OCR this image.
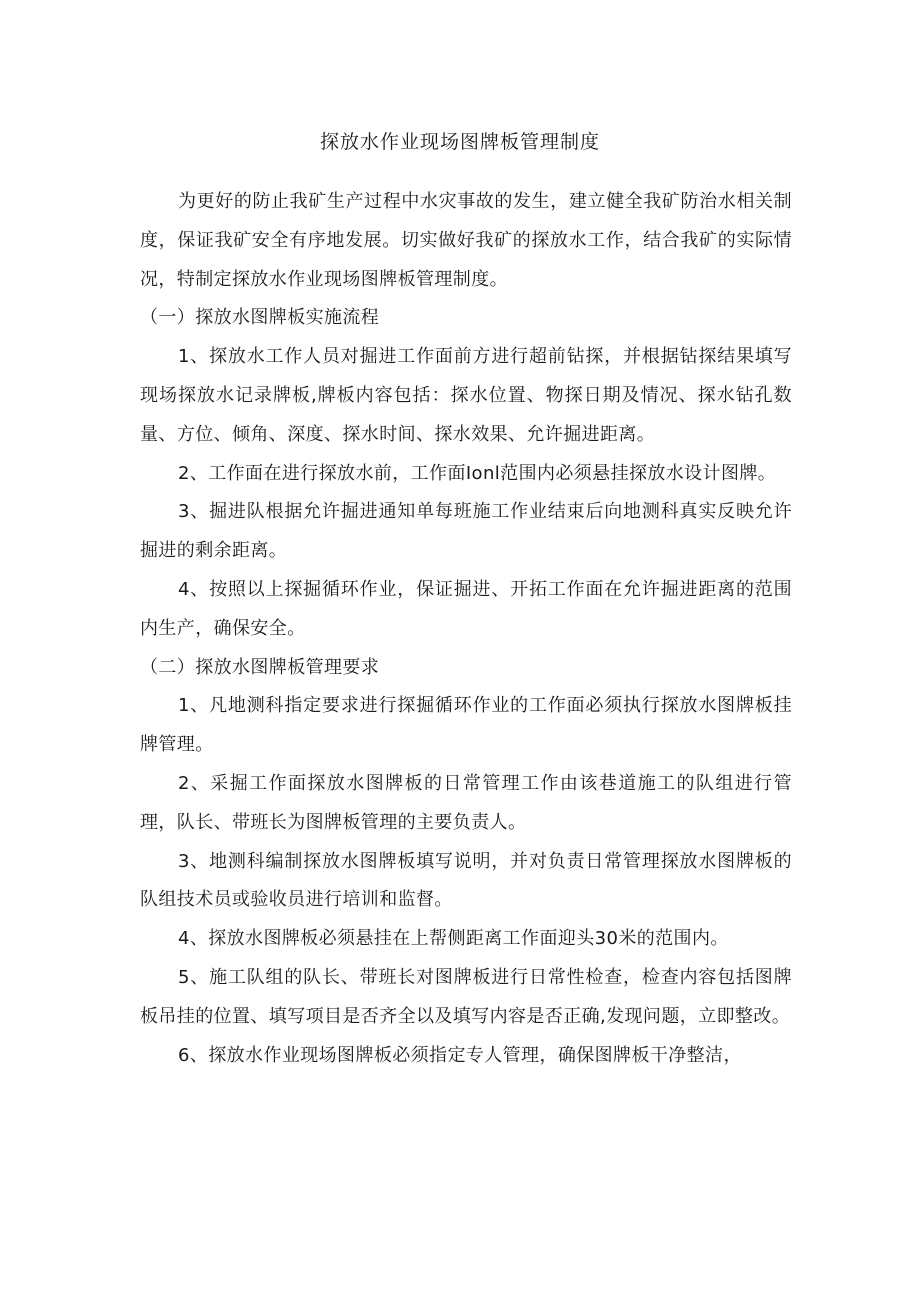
探放水作业现场图牌板管理制度

为更好的防止我矿生产过程中水灾事故的发生，建立健全我矿防治水相关制度，保证我矿安全有序地发展。切实做好我矿的探放水工作，结合我矿的实际情况，特制定探放水作业现场图牌板管理制度。

（一）探放水图牌板实施流程

1、探放水工作人员对掘进工作面前方进行超前钻探，并根据钻探结果填写现场探放水记录牌板,牌板内容包括：探水位置、物探日期及情况、探水钻孔数量、方位、倾角、深度、探水时间、探水效果、允许掘进距离。

2、工作面在进行探放水前，工作面Ionl范围内必须悬挂探放水设计图牌。

3、掘进队根据允许掘进通知单每班施工作业结束后向地测科真实反映允许掘进的剩余距离。

4、按照以上探掘循环作业，保证掘进、开拓工作面在允许掘进距离的范围内生产，确保安全。

（二）探放水图牌板管理要求

1、凡地测科指定要求进行探掘循环作业的工作面必须执行探放水图牌板挂牌管理。

2、采掘工作面探放水图牌板的日常管理工作由该巷道施工的队组进行管理，队长、带班长为图牌板管理的主要负责人。

3、地测科编制探放水图牌板填写说明，并对负责日常管理探放水图牌板的队组技术员或验收员进行培训和监督。

4、探放水图牌板必须悬挂在上帮侧距离工作面迎头30米的范围内。

5、施工队组的队长、带班长对图牌板进行日常性检查，检查内容包括图牌板吊挂的位置、填写项目是否齐全以及填写内容是否正确,发现问题，立即整改。

6、探放水作业现场图牌板必须指定专人管理，确保图牌板干净整洁，
